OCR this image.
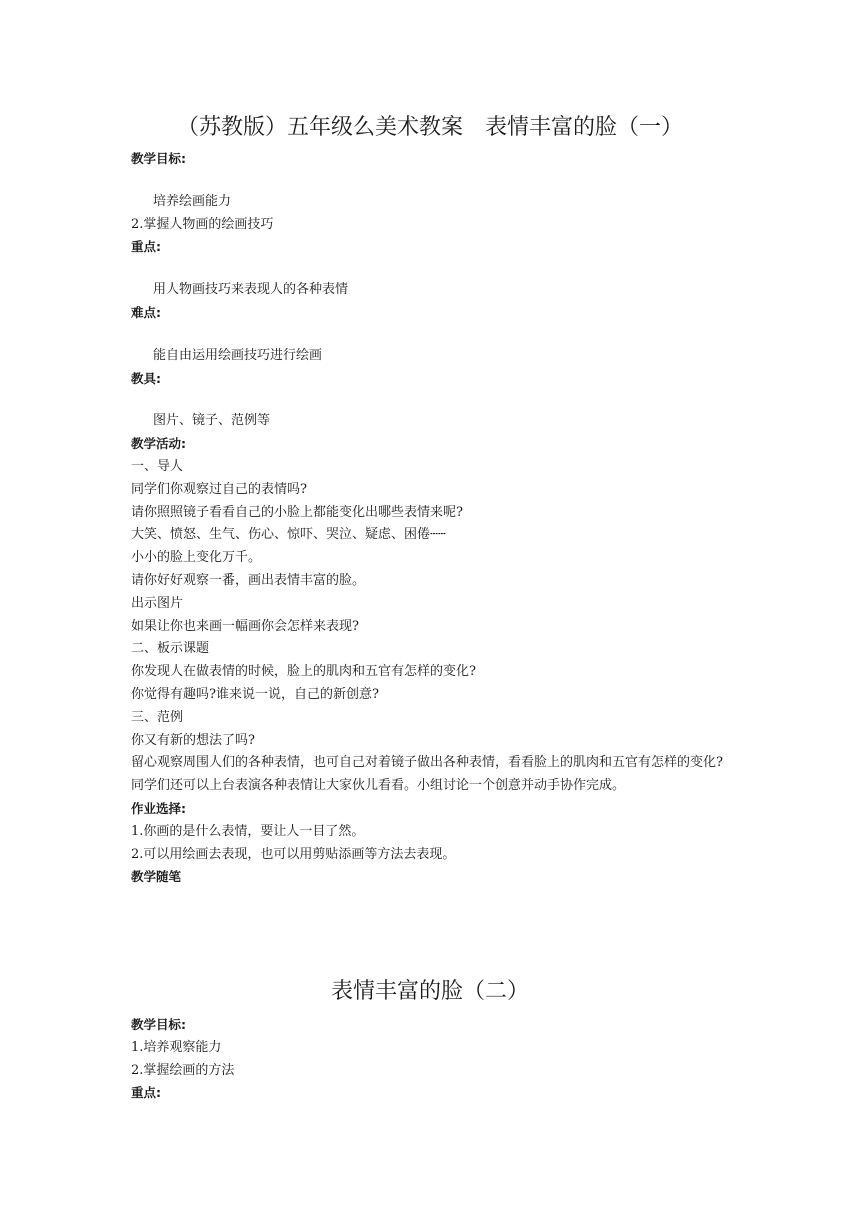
（苏教版）五年级么美术教案　表情丰富的脸（一）
教学目标:
培养绘画能力
2.掌握人物画的绘画技巧
重点:
用人物画技巧来表现人的各种表情
难点:
能自由运用绘画技巧进行绘画
教具:
图片、镜子、范例等
教学活动:
一、导人
同学们你观察过自己的表情吗?
请你照照镜子看看自己的小脸上都能变化出哪些表情来呢?
大笑、愤怒、生气、伤心、惊吓、哭泣、疑虑、困倦┄┄
小小的脸上变化万千。
请你好好观察一番，画出表情丰富的脸。
出示图片
如果让你也来画一幅画你会怎样来表现?
二、板示课题
你发现人在做表情的时候，脸上的肌肉和五官有怎样的变化?
你觉得有趣吗?谁来说一说，自己的新创意?
三、范例
你又有新的想法了吗?
留心观察周围人们的各种表情，也可自己对着镜子做出各种表情，看看脸上的肌肉和五官有怎样的变化?
同学们还可以上台表演各种表情让大家伙儿看看。小组讨论一个创意并动手协作完成。
作业选择:
1.你画的是什么表情，要让人一目了然。
2.可以用绘画去表现，也可以用剪贴添画等方法去表现。
教学随笔
表情丰富的脸（二）
教学目标:
1.培养观察能力
2.掌握绘画的方法
重点:
